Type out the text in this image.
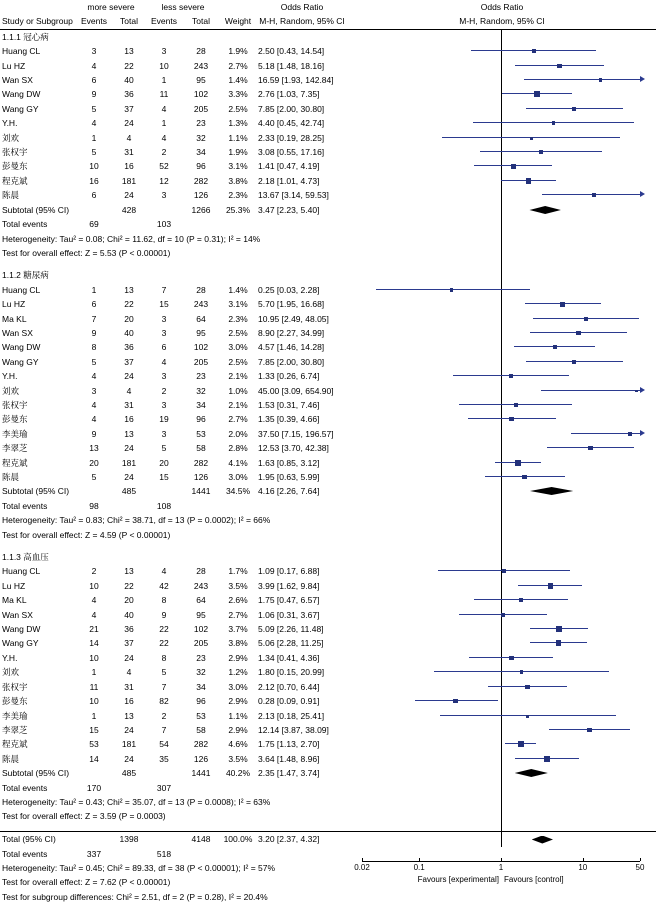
	more severe		less severe			Odds Ratio	Odds Ratio
Study or Subgroup	Events	Total	Events	Total	Weight	M-H, Random, 95% CI	M-H, Random, 95% CI
1.1.1 冠心病							
Huang CL	3	13	3	28	1.9%	2.50 [0.43, 14.54]	
Lu HZ	4	22	10	243	2.7%	5.18 [1.48, 18.16]	
Wan SX	6	40	1	95	1.4%	16.59 [1.93, 142.84]	
Wang DW	9	36	11	102	3.3%	2.76 [1.03, 7.35]	
Wang GY	5	37	4	205	2.5%	7.85 [2.00, 30.80]	
Y.H.	4	24	1	23	1.3%	4.40 [0.45, 42.74]	
刘欢	1	4	4	32	1.1%	2.33 [0.19, 28.25]	
张权宇	5	31	2	34	1.9%	3.08 [0.55, 17.16]	
彭曼东	10	16	52	96	3.1%	1.41 [0.47, 4.19]	
程克斌	16	181	12	282	3.8%	2.18 [1.01, 4.73]	
陈晨	6	24	3	126	2.3%	13.67 [3.14, 59.53]	
Subtotal (95% CI)		428		1266	25.3%	3.47 [2.23, 5.40]	
Total events	69		103				
Heterogeneity: Tau² = 0.08; Chi² = 11.62, df = 10 (P = 0.31); I² = 14%							
Test for overall effect: Z = 5.53 (P < 0.00001)							

1.1.2 糖尿病							
Huang CL	1	13	7	28	1.4%	0.25 [0.03, 2.28]	
Lu HZ	6	22	15	243	3.1%	5.70 [1.95, 16.68]	
Ma KL	7	20	3	64	2.3%	10.95 [2.49, 48.05]	
Wan SX	9	40	3	95	2.5%	8.90 [2.27, 34.99]	
Wang DW	8	36	6	102	3.0%	4.57 [1.46, 14.28]	
Wang GY	5	37	4	205	2.5%	7.85 [2.00, 30.80]	
Y.H.	4	24	3	23	2.1%	1.33 [0.26, 6.74]	
刘欢	3	4	2	32	1.0%	45.00 [3.09, 654.90]	
张权宇	4	31	3	34	2.1%	1.53 [0.31, 7.46]	
彭曼东	4	16	19	96	2.7%	1.35 [0.39, 4.66]	
李美瑜	9	13	3	53	2.0%	37.50 [7.15, 196.57]	
李翠芝	13	24	5	58	2.8%	12.53 [3.70, 42.38]	
程克斌	20	181	20	282	4.1%	1.63 [0.85, 3.12]	
陈晨	5	24	15	126	3.0%	1.95 [0.63, 5.99]	
Subtotal (95% CI)		485		1441	34.5%	4.16 [2.26, 7.64]	
Total events	98		108				
Heterogeneity: Tau² = 0.83; Chi² = 38.71, df = 13 (P = 0.0002); I² = 66%							
Test for overall effect: Z = 4.59 (P < 0.00001)							

1.1.3 高血压							
Huang CL	2	13	4	28	1.7%	1.09 [0.17, 6.88]	
Lu HZ	10	22	42	243	3.5%	3.99 [1.62, 9.84]	
Ma KL	4	20	8	64	2.6%	1.75 [0.47, 6.57]	
Wan SX	4	40	9	95	2.7%	1.06 [0.31, 3.67]	
Wang DW	21	36	22	102	3.7%	5.09 [2.26, 11.48]	
Wang GY	14	37	22	205	3.8%	5.06 [2.28, 11.25]	
Y.H.	10	24	8	23	2.9%	1.34 [0.41, 4.36]	
刘欢	1	4	5	32	1.2%	1.80 [0.15, 20.99]	
张权宇	11	31	7	34	3.0%	2.12 [0.70, 6.44]	
彭曼东	10	16	82	96	2.9%	0.28 [0.09, 0.91]	
李美瑜	1	13	2	53	1.1%	2.13 [0.18, 25.41]	
李翠芝	15	24	7	58	2.9%	12.14 [3.87, 38.09]	
程克斌	53	181	54	282	4.6%	1.75 [1.13, 2.70]	
陈晨	14	24	35	126	3.5%	3.64 [1.48, 8.96]	
Subtotal (95% CI)		485		1441	40.2%	2.35 [1.47, 3.74]	
Total events	170		307				
Heterogeneity: Tau² = 0.43; Chi² = 35.07, df = 13 (P = 0.0008); I² = 63%							
Test for overall effect: Z = 3.59 (P = 0.0003)							

Total (95% CI)		1398		4148	100.0%	3.20 [2.37, 4.32]	
Total events	337		518				
Heterogeneity: Tau² = 0.45; Chi² = 89.33, df = 38 (P < 0.00001); I² = 57%							
Test for overall effect: Z = 7.62 (P < 0.00001)							
Test for subgroup differences: Chi² = 2.51, df = 2 (P = 0.28), I² = 20.4%							
0.02	0.1	1	10	50
Favours [experimental] Favours [control]
